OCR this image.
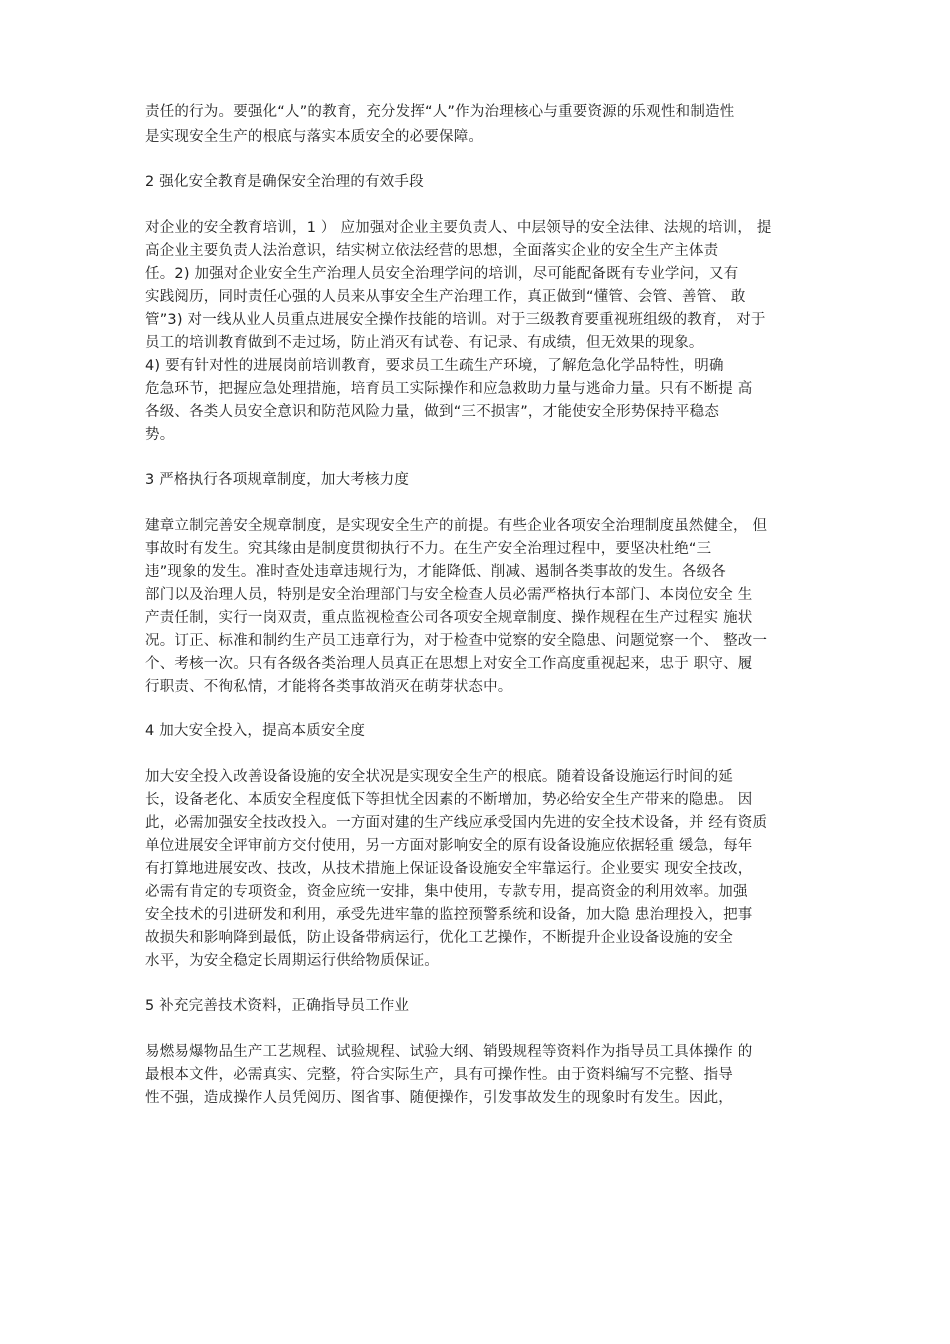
责任的行为。要强化“人”的教育，充分发挥“人”作为治理核心与重要资源的乐观性和制造性
是实现安全生产的根底与落实本质安全的必要保障。
2 强化安全教育是确保安全治理的有效手段
对企业的安全教育培训，1 ） 应加强对企业主要负责人、中层领导的安全法律、法规的培训， 提
高企业主要负责人法治意识，结实树立依法经营的思想，全面落实企业的安全生产主体责
任。2) 加强对企业安全生产治理人员安全治理学问的培训，尽可能配备既有专业学问，又有
实践阅历，同时责任心强的人员来从事安全生产治理工作，真正做到“懂管、会管、善管、 敢
管”3) 对一线从业人员重点进展安全操作技能的培训。对于三级教育要重视班组级的教育， 对于
员工的培训教育做到不走过场，防止消灭有试卷、有记录、有成绩，但无效果的现象。
4) 要有针对性的进展岗前培训教育，要求员工生疏生产环境，了解危急化学品特性，明确
危急环节，把握应急处理措施，培育员工实际操作和应急救助力量与逃命力量。只有不断提 高
各级、各类人员安全意识和防范风险力量，做到“三不损害”，才能使安全形势保持平稳态
势。
3 严格执行各项规章制度，加大考核力度
建章立制完善安全规章制度，是实现安全生产的前提。有些企业各项安全治理制度虽然健全， 但
事故时有发生。究其缘由是制度贯彻执行不力。在生产安全治理过程中，要坚决杜绝“三
违”现象的发生。准时查处违章违规行为，才能降低、削减、遏制各类事故的发生。各级各
部门以及治理人员，特别是安全治理部门与安全检查人员必需严格执行本部门、本岗位安全 生
产责任制，实行一岗双责，重点监视检查公司各项安全规章制度、操作规程在生产过程实 施状
况。订正、标准和制约生产员工违章行为，对于检查中觉察的安全隐患、问题觉察一个、 整改一
个、考核一次。只有各级各类治理人员真正在思想上对安全工作高度重视起来，忠于 职守、履
行职责、不徇私情，才能将各类事故消灭在萌芽状态中。
4 加大安全投入，提高本质安全度
加大安全投入改善设备设施的安全状况是实现安全生产的根底。随着设备设施运行时间的延
长，设备老化、本质安全程度低下等担忧全因素的不断增加，势必给安全生产带来的隐患。 因
此，必需加强安全技改投入。一方面对建的生产线应承受国内先进的安全技术设备，并 经有资质
单位进展安全评审前方交付使用，另一方面对影响安全的原有设备设施应依据轻重 缓急，每年
有打算地进展安改、技改，从技术措施上保证设备设施安全牢靠运行。企业要实 现安全技改，
必需有肯定的专项资金，资金应统一安排，集中使用，专款专用，提高资金的利用效率。加强
安全技术的引进研发和利用，承受先进牢靠的监控预警系统和设备，加大隐 患治理投入，把事
故损失和影响降到最低，防止设备带病运行，优化工艺操作，不断提升企业设备设施的安全
水平，为安全稳定长周期运行供给物质保证。
5 补充完善技术资料，正确指导员工作业
易燃易爆物品生产工艺规程、试验规程、试验大纲、销毁规程等资料作为指导员工具体操作 的
最根本文件，必需真实、完整，符合实际生产，具有可操作性。由于资料编写不完整、指导
性不强，造成操作人员凭阅历、图省事、随便操作，引发事故发生的现象时有发生。因此，
